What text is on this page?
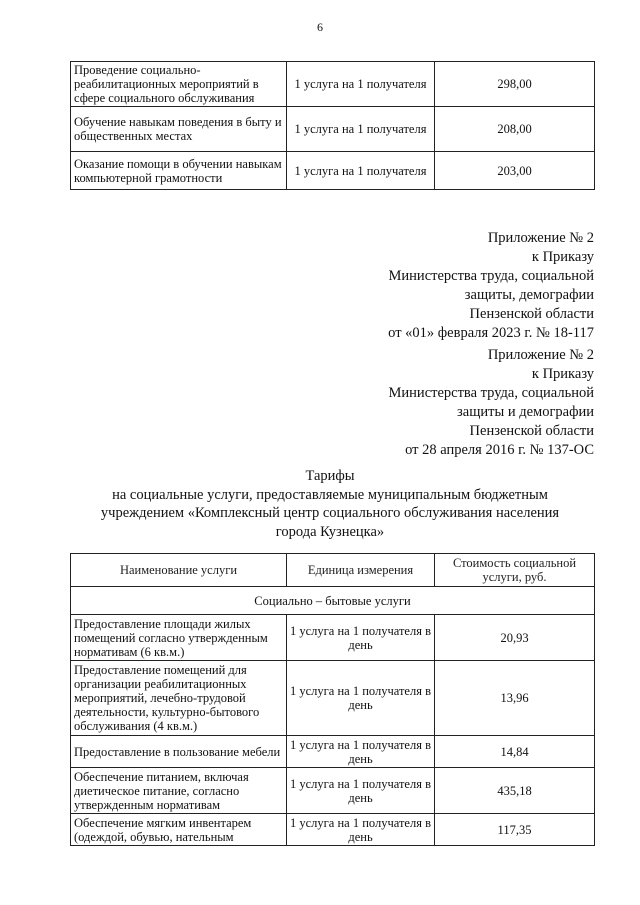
6
Проведение социально-реабилитационных мероприятий в сфере социального обслуживания	1 услуга на 1 получателя	298,00
Обучение навыкам поведения в быту и общественных местах	1 услуга на 1 получателя	208,00
Оказание помощи в обучении навыкам компьютерной грамотности	1 услуга на 1 получателя	203,00
Приложение № 2
к Приказу
Министерства труда, социальной
защиты, демографии
Пензенской области
от «01» февраля 2023 г. № 18-117
Приложение № 2
к Приказу
Министерства труда, социальной
защиты и демографии
Пензенской области
от 28 апреля 2016 г. № 137-ОС
Тарифы
на социальные услуги, предоставляемые муниципальным бюджетным
учреждением «Комплексный центр социального обслуживания населения
города Кузнецка»
Наименование услуги	Единица измерения	Стоимость социальной услуги, руб.
Социально – бытовые услуги		
Предоставление площади жилых помещений согласно утвержденным нормативам (6 кв.м.)	1 услуга на 1 получателя в день	20,93
Предоставление помещений для организации реабилитационных мероприятий, лечебно-трудовой деятельности, культурно-бытового обслуживания (4 кв.м.)	1 услуга на 1 получателя в день	13,96
Предоставление в пользование мебели	1 услуга на 1 получателя в день	14,84
Обеспечение питанием, включая диетическое питание, согласно утвержденным нормативам	1 услуга на 1 получателя в день	435,18
Обеспечение мягким инвентарем (одеждой, обувью, нательным	1 услуга на 1 получателя в день	117,35
